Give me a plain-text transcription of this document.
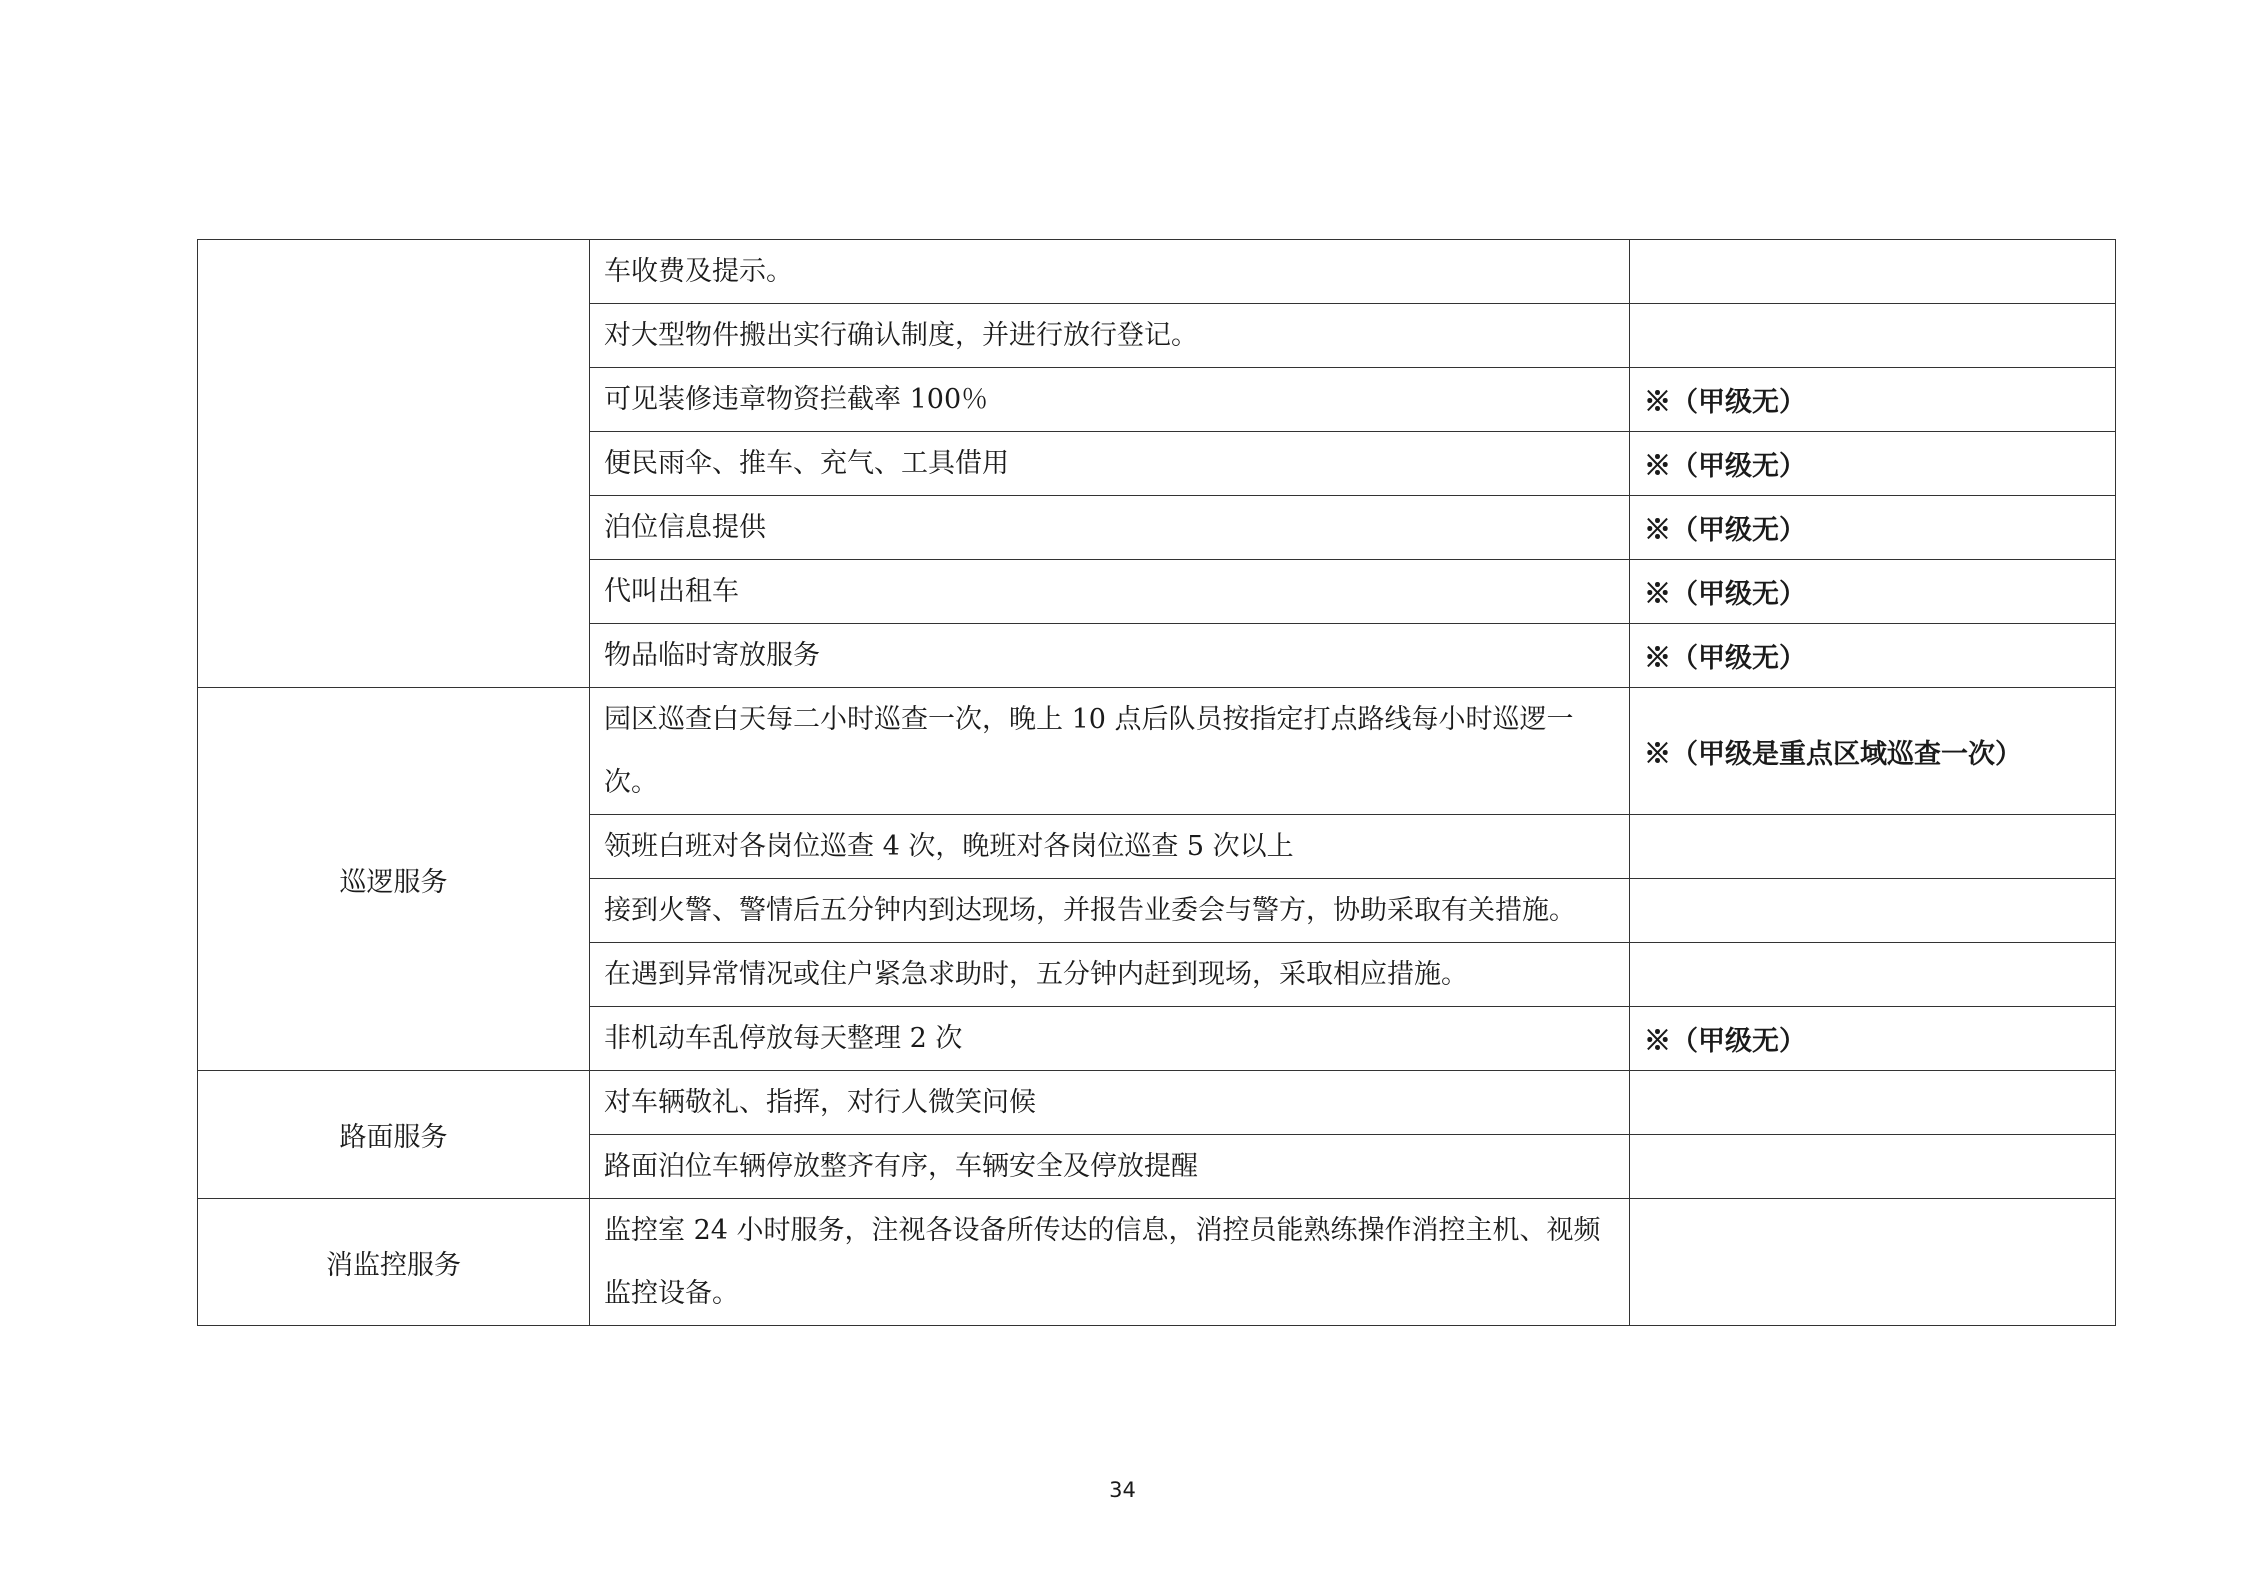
	车收费及提示。	
	对大型物件搬出实行确认制度，并进行放行登记。	
	可见装修违章物资拦截率 100％	※（甲级无）
	便民雨伞、推车、充气、工具借用	※（甲级无）
	泊位信息提供	※（甲级无）
	代叫出租车	※（甲级无）
	物品临时寄放服务	※（甲级无）
巡逻服务	园区巡查白天每二小时巡查一次，晚上 10 点后队员按指定打点路线每小时巡逻一次。	※（甲级是重点区域巡查一次）
	领班白班对各岗位巡查 4 次，晚班对各岗位巡查 5 次以上	
	接到火警、警情后五分钟内到达现场，并报告业委会与警方，协助采取有关措施。	
	在遇到异常情况或住户紧急求助时，五分钟内赶到现场，采取相应措施。	
	非机动车乱停放每天整理 2 次	※（甲级无）
路面服务	对车辆敬礼、指挥，对行人微笑问候	
	路面泊位车辆停放整齐有序，车辆安全及停放提醒	
消监控服务	监控室 24 小时服务，注视各设备所传达的信息，消控员能熟练操作消控主机、视频监控设备。	
34
